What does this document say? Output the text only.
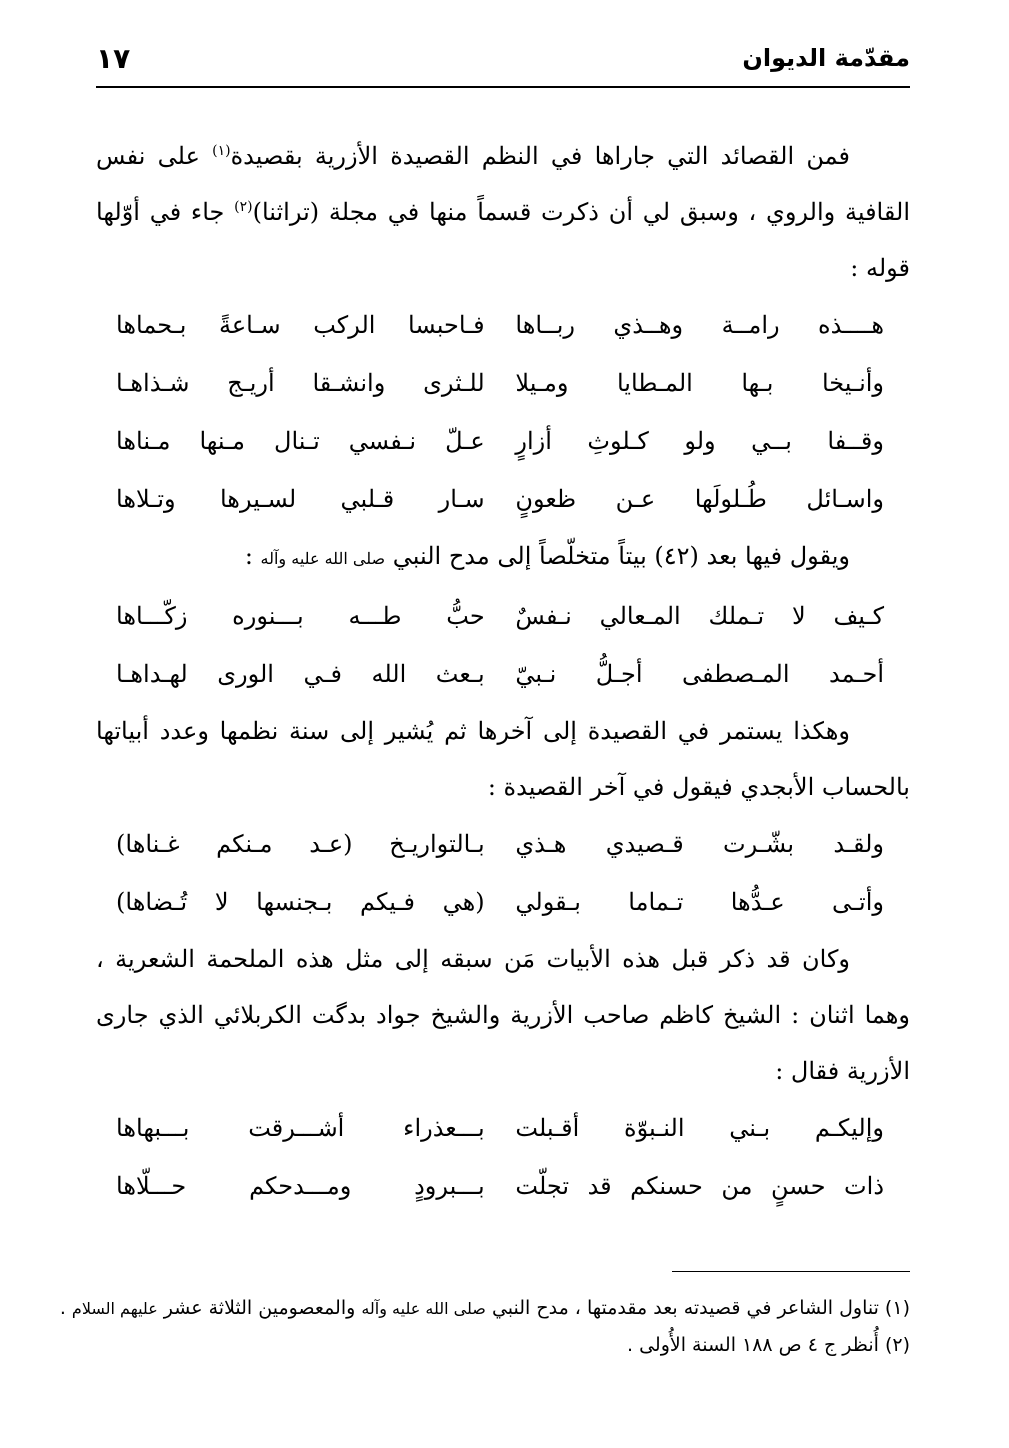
١٧	مقدّمة الديوان

فمن القصائد التي جاراها في النظم القصيدة الأزرية بقصيدة$^{(١)}$ على نفس القافية والروي ، وسبق لي أن ذكرت قسماً منها في مجلة (تراثنا)$^{(٢)}$ جاء في أوّلها قوله :

هــــذه رامــة وهــذي ربــاها
فـاحبسا الركب سـاعةً بـحماها
وأنـيخا بـها المـطايا ومـيلا
للـثرى وانشـقا أريـج شـذاهـا
وقــفا بــي ولو كـلوثِ أزارٍ
عـلّ نـفسي تـنال مـنها مـناها
واسـائل طُـلولَها عـن ظعونٍ
سـار قـلبي لسـيرها وتـلاها

ويقول فيها بعد (٤٢) بيتاً متخلّصاً إلى مدح النبي صلى الله عليه وآله :

كـيف لا تـملك المـعالي نـفسٌ
حبُّ طـــه بـــنوره زكّـــاها
أحـمد المـصطفى أجـلُّ نـبيّ
بـعث الله فـي الورى لهـداهـا

وهكذا يستمر في القصيدة إلى آخرها ثم يُشير إلى سنة نظمها وعدد أبياتها بالحساب الأبجدي فيقول في آخر القصيدة :

ولقـد بشّـرت قـصيدي هـذي
بـالتواريـخ (عـد مـنكم غـناها)
وأتـى عـدُّها تـماما بـقولي
(هي فـيكم بـجنسها لا تُـضاها)

وكان قد ذكر قبل هذه الأبيات مَن سبقه إلى مثل هذه الملحمة الشعرية ، وهما اثنان : الشيخ كاظم صاحب الأزرية والشيخ جواد بدگت الكربلائي الذي جارى الأزرية فقال :

وإليكـم بـني النـبوّة أقـبلت
بـــعذراء أشـــرقت بـــبهاها
ذات حسنٍ من حسنكم قد تجلّت
بـــبرودٍ ومـــدحكم حـــلّاها

(١) تناول الشاعر في قصيدته بعد مقدمتها ، مدح النبي صلى الله عليه وآله والمعصومين الثلاثة عشر عليهم السلام .

(٢) أُنظر ج ٤ ص ١٨٨ السنة الأُولى .
